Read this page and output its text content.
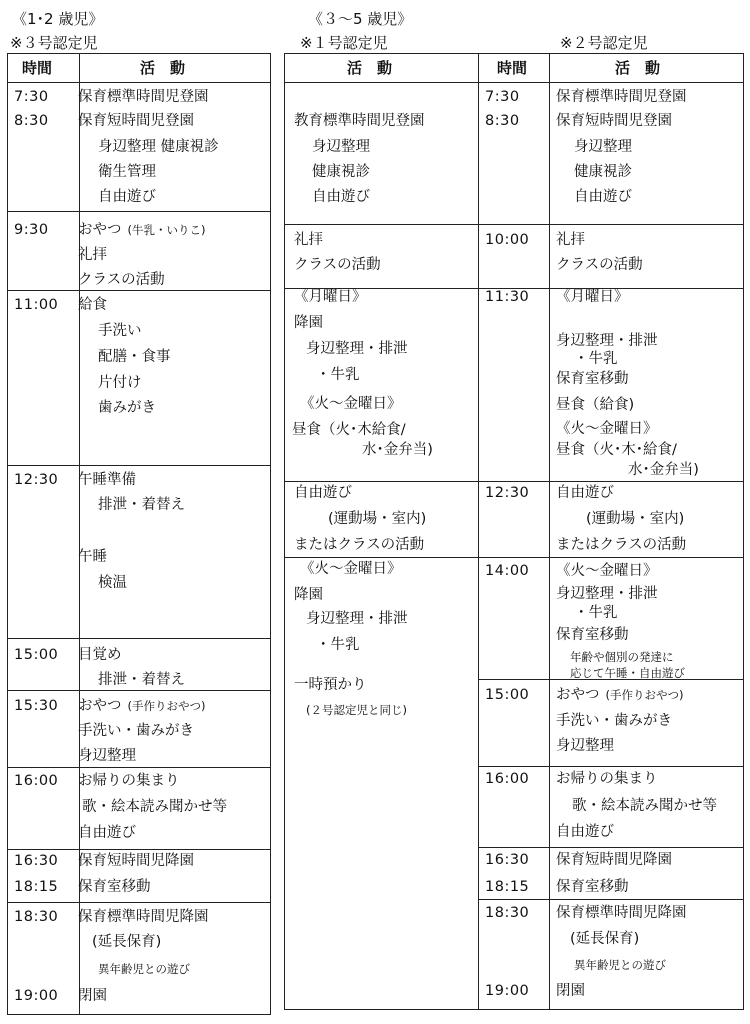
《1･2 歳児》
※３号認定児
《３～5 歳児》
※１号認定児	※２号認定児
時間	活　動
7:30 保育標準時間児登園
8:30 保育短時間児登園
身辺整理 健康視診
衛生管理
自由遊び
9:30 おやつ (牛乳・いりこ)
礼拝
クラスの活動
11:00 給食
手洗い
配膳・食事
片付け
歯みがき
12:30 午睡準備
排泄・着替え
午睡
検温
15:00 目覚め
排泄・着替え
15:30 おやつ (手作りおやつ)
手洗い・歯みがき
身辺整理
16:00 お帰りの集まり
歌・絵本読み聞かせ等
自由遊び
16:30 保育短時間児降園
18:15 保育室移動
18:30 保育標準時間児降園
(延長保育)
異年齢児との遊び
19:00 閉園
活　動	時間	活　動
教育標準時間児登園
身辺整理
健康視診
自由遊び
礼拝
クラスの活動
《月曜日》
降園
身辺整理・排泄
・牛乳
《火～金曜日》
昼食（火･木給食/
水･金弁当)
自由遊び
(運動場・室内)
またはクラスの活動
《火～金曜日》
降園
身辺整理・排泄
・牛乳
一時預かり
(２号認定児と同じ)
7:30	保育標準時間児登園
8:30	保育短時間児登園
身辺整理
健康視診
自由遊び
10:00 礼拝
クラスの活動
11:30 《月曜日》
身辺整理・排泄
・牛乳
保育室移動
昼食（給食)
《火～金曜日》
昼食（火･木･給食/
水･金弁当)
12:30 自由遊び
(運動場・室内)
またはクラスの活動
14:00 《火～金曜日》
身辺整理・排泄
・牛乳
保育室移動
年齢や個別の発達に
応じて午睡・自由遊び
15:00 おやつ (手作りおやつ)
手洗い・歯みがき
身辺整理
16:00 お帰りの集まり
歌・絵本読み聞かせ等
自由遊び
16:30 保育短時間児降園
18:15 保育室移動
18:30 保育標準時間児降園
(延長保育)
異年齢児との遊び
19:00 閉園
